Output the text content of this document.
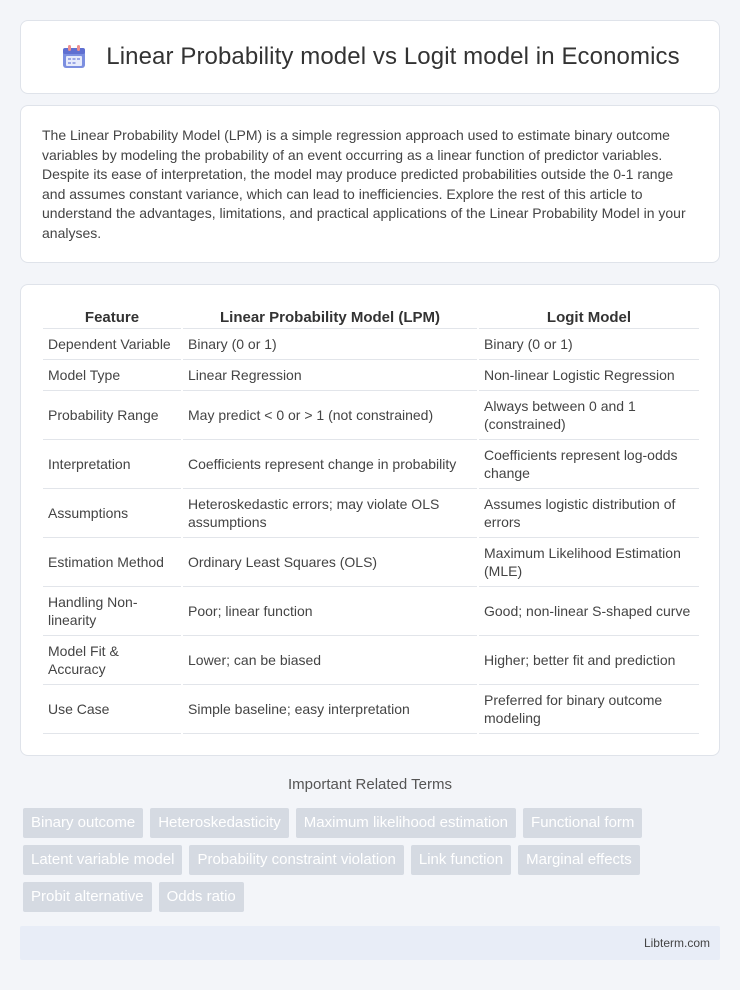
Linear Probability model vs Logit model in Economics

The Linear Probability Model (LPM) is a simple regression approach used to estimate binary outcome variables by modeling the probability of an event occurring as a linear function of predictor variables. Despite its ease of interpretation, the model may produce predicted probabilities outside the 0-1 range and assumes constant variance, which can lead to inefficiencies. Explore the rest of this article to understand the advantages, limitations, and practical applications of the Linear Probability Model in your analyses.

Feature	Linear Probability Model (LPM)	Logit Model
Dependent Variable	Binary (0 or 1)	Binary (0 or 1)
Model Type	Linear Regression	Non-linear Logistic Regression
Probability Range	May predict < 0 or > 1 (not constrained)	Always between 0 and 1 (constrained)
Interpretation	Coefficients represent change in probability	Coefficients represent log-odds change
Assumptions	Heteroskedastic errors; may violate OLS assumptions	Assumes logistic distribution of errors
Estimation Method	Ordinary Least Squares (OLS)	Maximum Likelihood Estimation (MLE)
Handling Non-linearity	Poor; linear function	Good; non-linear S-shaped curve
Model Fit & Accuracy	Lower; can be biased	Higher; better fit and prediction
Use Case	Simple baseline; easy interpretation	Preferred for binary outcome modeling
Important Related Terms
Binary outcome	Heteroskedasticity	Maximum likelihood estimation	Functional form
Latent variable model	Probability constraint violation	Link function	Marginal effects
Probit alternative	Odds ratio
Libterm.com
